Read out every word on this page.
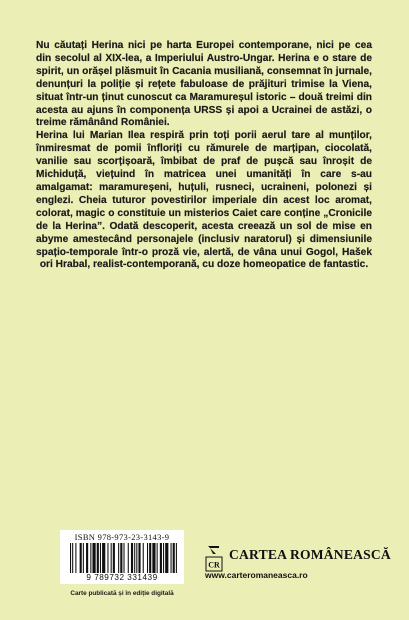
Nu căutați Herina nici pe harta Europei contemporane, nici pe cea din secolul al XIX-lea, a Imperiului Austro-Ungar. Herina e o stare de spirit, un orășel plăsmuit în Cacania musiliană, consemnat în jurnale, denunțuri la poliție și rețete fabuloase de prăjituri trimise la Viena, situat într-un ținut cunoscut ca Maramureșul istoric – două treimi din acesta au ajuns în componența URSS și apoi a Ucrainei de astăzi, o treime rămânând României.

Herina lui Marian Ilea respiră prin toți porii aerul tare al munților, înmiresmat de pomii înfloriți cu rămurele de marțipan, ciocolată, vanilie sau scorțișoară, îmbibat de praf de pușcă sau înroșit de Michiduță, viețuind în matricea unei umanități în care s-au amalgamat: maramureșeni, huțuli, rusneci, ucraineni, polonezi și englezi. Cheia tuturor povestirilor imperiale din acest loc aromat, colorat, magic o constituie un misterios Caiet care conține „Cronicile de la Herina”. Odată descoperit, acesta creează un sol de mise en abyme amestecând personajele (inclusiv naratorul) și dimensiunile spațio-temporale într-o proză vie, alertă, de vâna unui Gogol, Hašek ori Hrabal, realist-contemporană, cu doze homeopatice de fantastic.

ISBN 978-973-23-3143-9
9 789732 331439
Carte publicată și în ediție digitală
CR
CARTEA ROMÂNEASCĂ
www.carteromaneasca.ro
